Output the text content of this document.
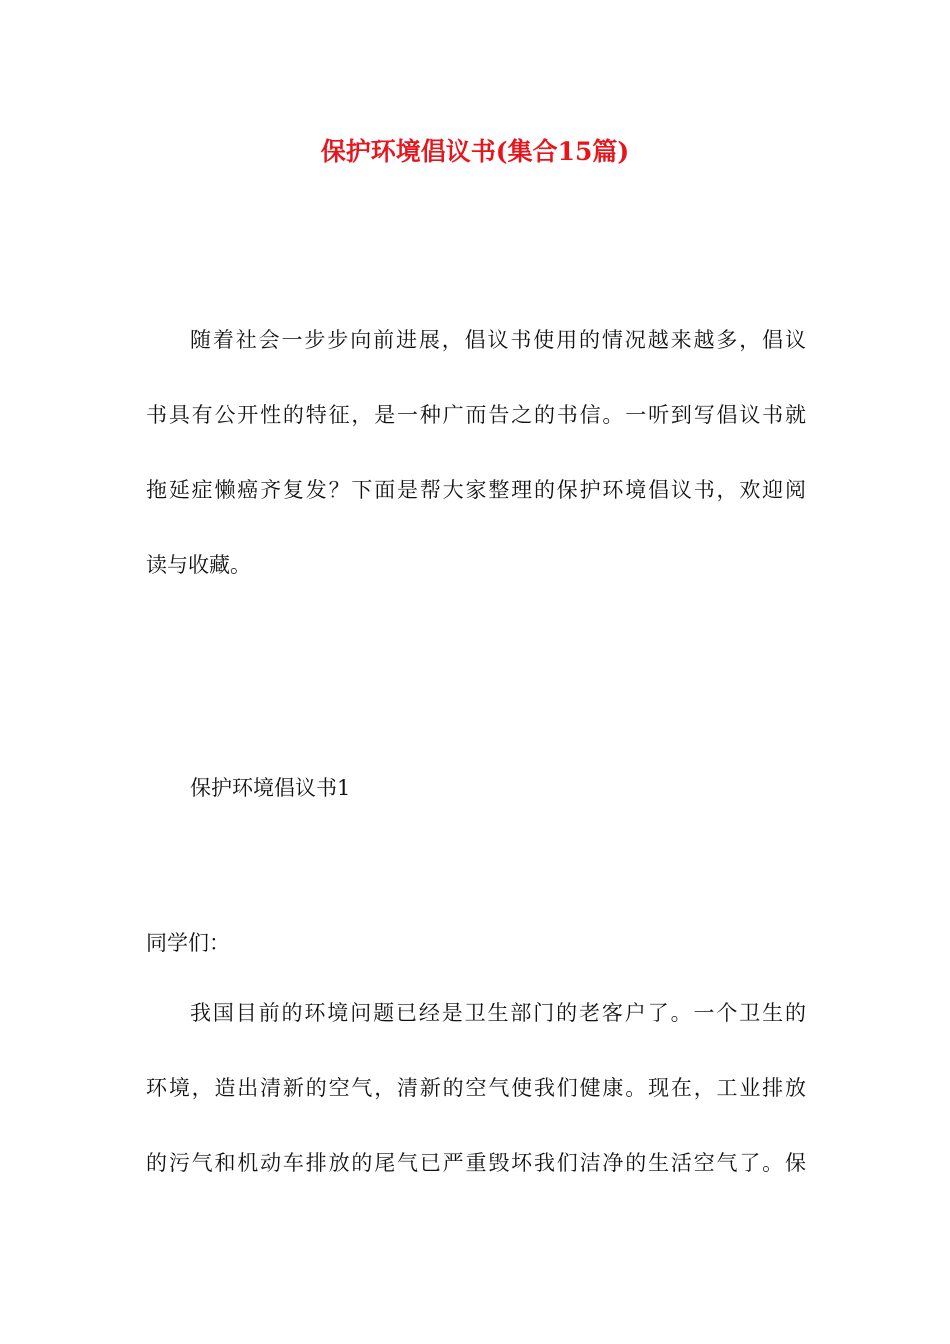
保护环境倡议书(集合15篇)
随着社会一步步向前进展，倡议书使用的情况越来越多，倡议
书具有公开性的特征，是一种广而告之的书信。一听到写倡议书就
拖延症懒癌齐复发？下面是帮大家整理的保护环境倡议书，欢迎阅
读与收藏。
保护环境倡议书1
同学们：
我国目前的环境问题已经是卫生部门的老客户了。一个卫生的
环境，造出清新的空气，清新的空气使我们健康。现在，工业排放
的污气和机动车排放的尾气已严重毁坏我们洁净的生活空气了。保
